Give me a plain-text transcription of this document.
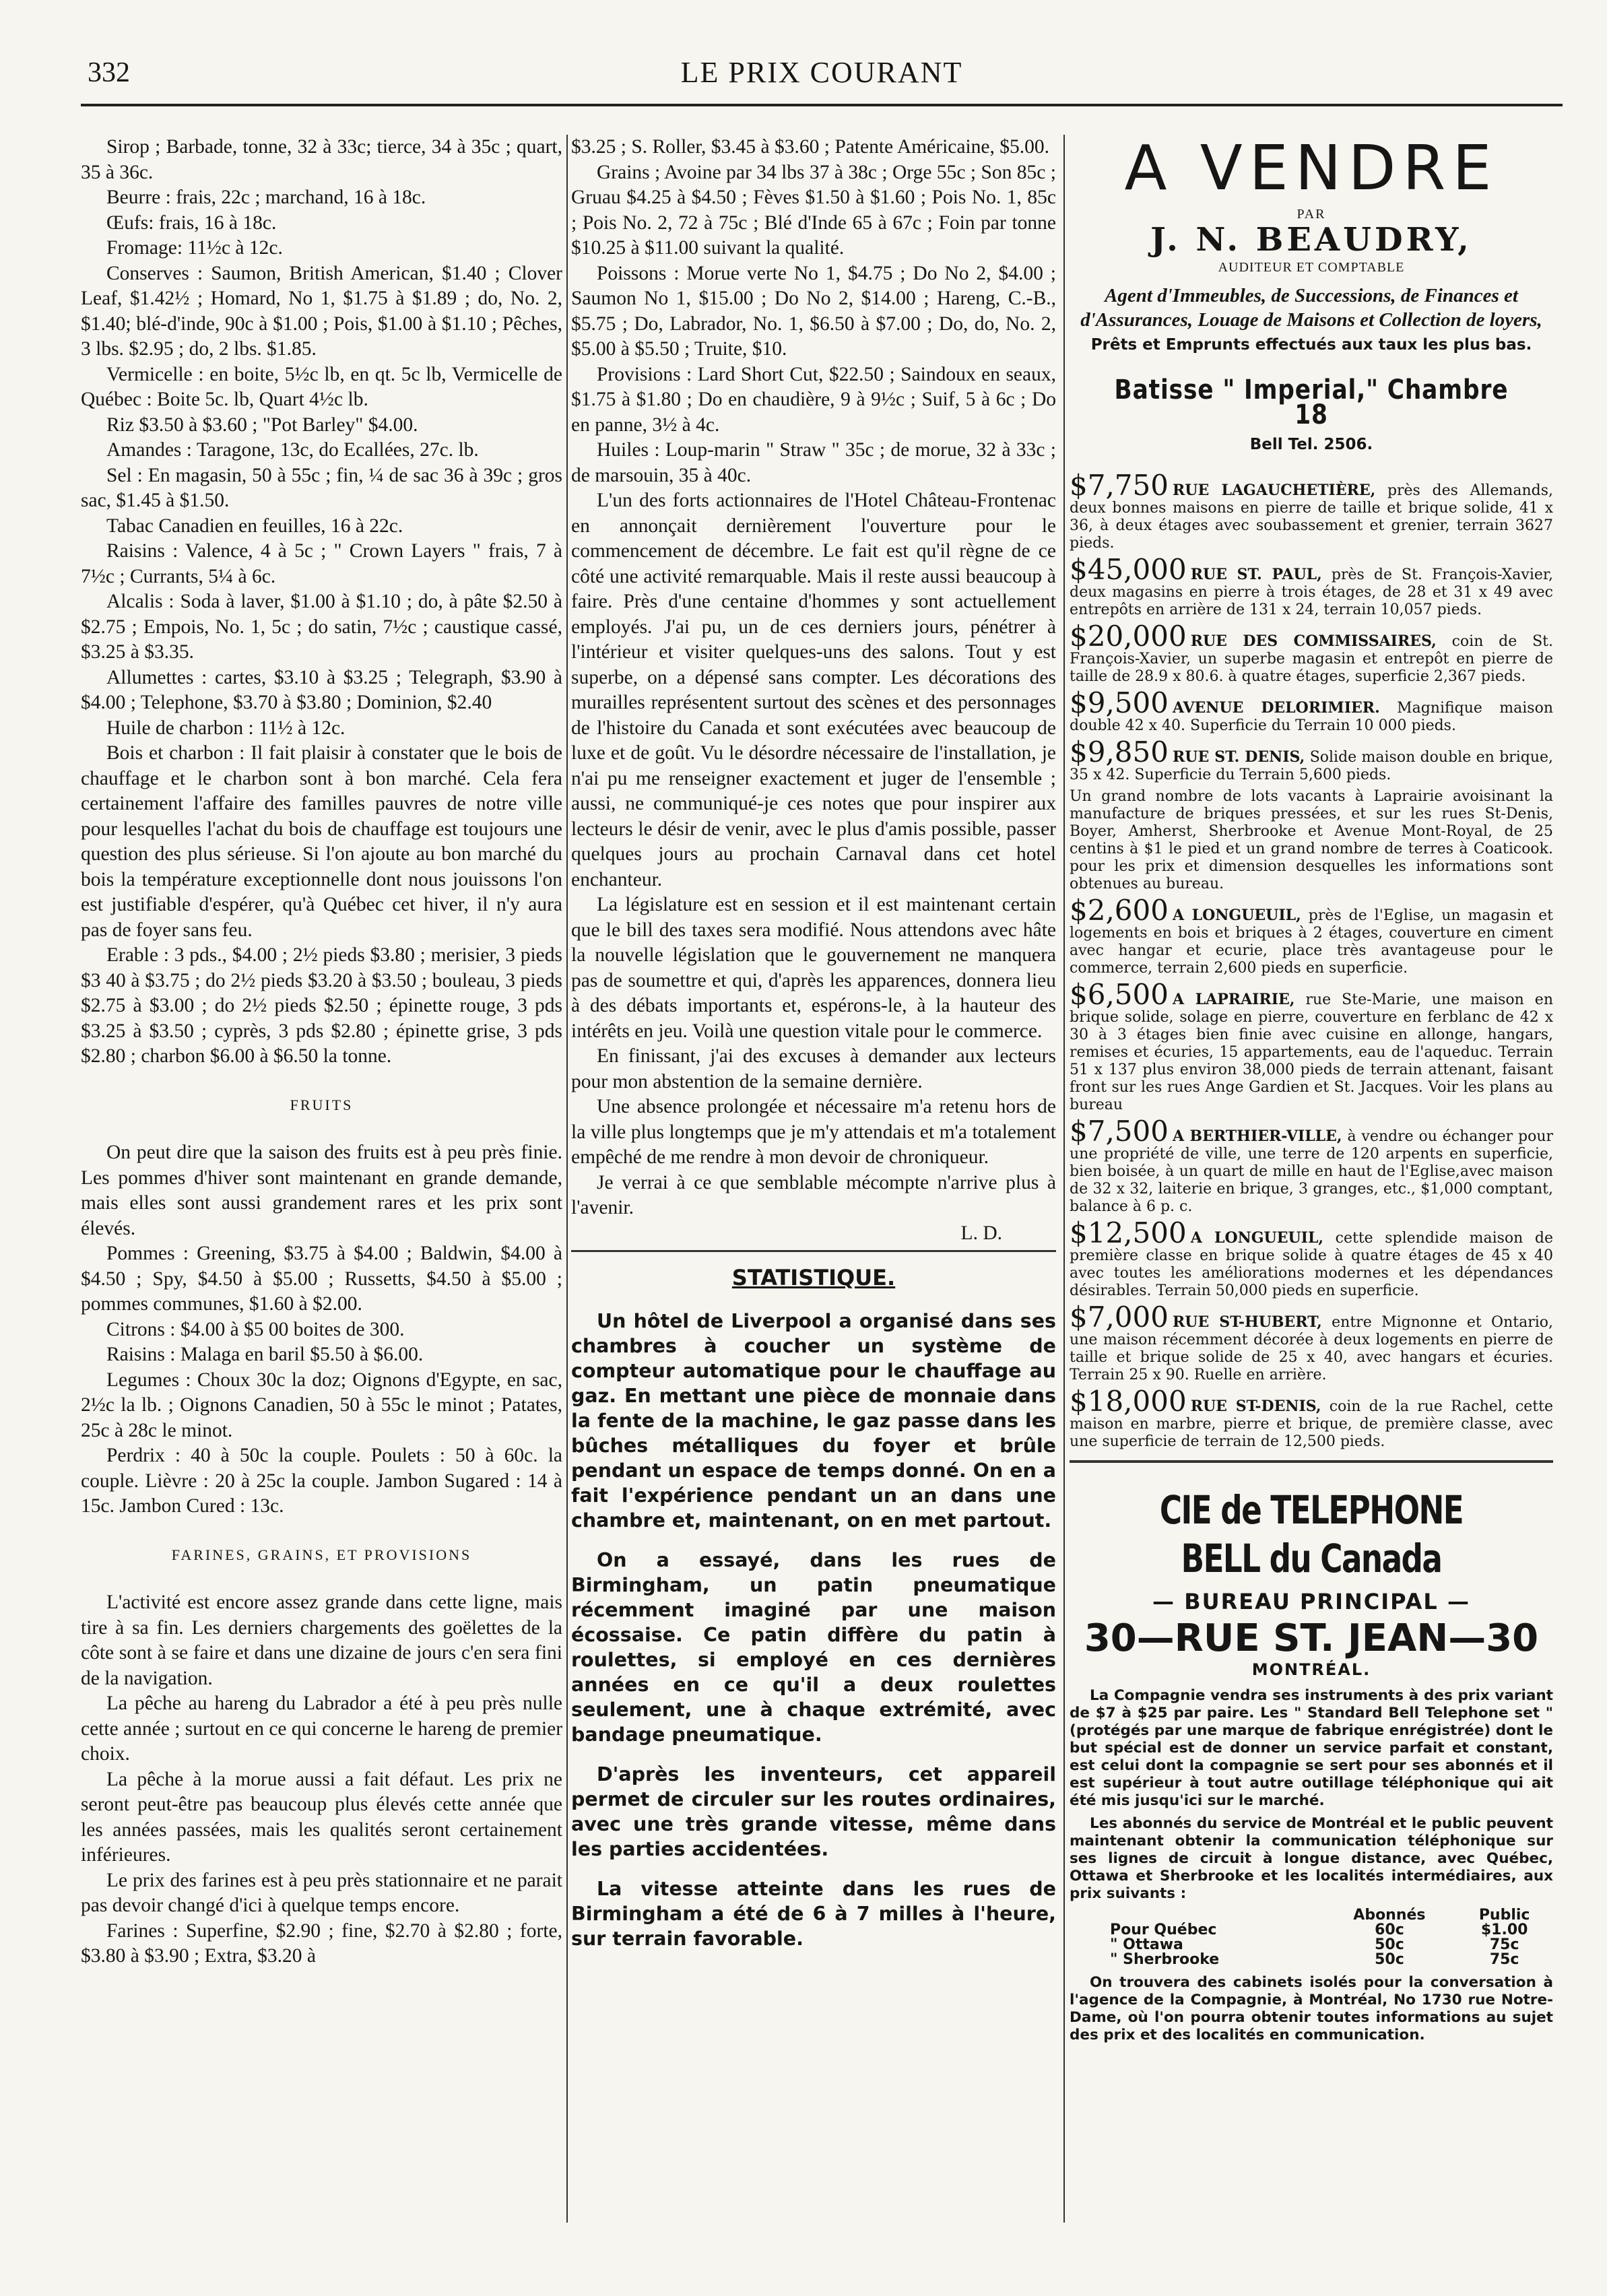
332	LE PRIX COURANT

Sirop ; Barbade, tonne, 32 à 33c; tierce, 34 à 35c ; quart, 35 à 36c.

Beurre : frais, 22c ; marchand, 16 à 18c.

Œufs: frais, 16 à 18c.

Fromage: 11½c à 12c.

Conserves : Saumon, British American, $1.40 ; Clover Leaf, $1.42½ ; Homard, No 1, $1.75 à $1.89 ; do, No. 2, $1.40; blé-d'inde, 90c à $1.00 ; Pois, $1.00 à $1.10 ; Pêches, 3 lbs. $2.95 ; do, 2 lbs. $1.85.

Vermicelle : en boite, 5½c lb, en qt. 5c lb, Vermicelle de Québec : Boite 5c. lb, Quart 4½c lb.

Riz $3.50 à $3.60 ; "Pot Barley" $4.00.

Amandes : Taragone, 13c, do Ecallées, 27c. lb.

Sel : En magasin, 50 à 55c ; fin, ¼ de sac 36 à 39c ; gros sac, $1.45 à $1.50.

Tabac Canadien en feuilles, 16 à 22c.

Raisins : Valence, 4 à 5c ; " Crown Layers " frais, 7 à 7½c ; Currants, 5¼ à 6c.

Alcalis : Soda à laver, $1.00 à $1.10 ; do, à pâte $2.50 à $2.75 ; Empois, No. 1, 5c ; do satin, 7½c ; caustique cassé, $3.25 à $3.35.

Allumettes : cartes, $3.10 à $3.25 ; Telegraph, $3.90 à $4.00 ; Telephone, $3.70 à $3.80 ; Dominion, $2.40

Huile de charbon : 11½ à 12c.

Bois et charbon : Il fait plaisir à constater que le bois de chauffage et le charbon sont à bon marché. Cela fera certainement l'affaire des familles pauvres de notre ville pour lesquelles l'achat du bois de chauffage est toujours une question des plus sérieuse. Si l'on ajoute au bon marché du bois la température exceptionnelle dont nous jouissons l'on est justifiable d'espérer, qu'à Québec cet hiver, il n'y aura pas de foyer sans feu.

Erable : 3 pds., $4.00 ; 2½ pieds $3.80 ; merisier, 3 pieds $3 40 à $3.75 ; do 2½ pieds $3.20 à $3.50 ; bouleau, 3 pieds $2.75 à $3.00 ; do 2½ pieds $2.50 ; épinette rouge, 3 pds $3.25 à $3.50 ; cyprès, 3 pds $2.80 ; épinette grise, 3 pds $2.80 ; charbon $6.00 à $6.50 la tonne.

FRUITS

On peut dire que la saison des fruits est à peu près finie. Les pommes d'hiver sont maintenant en grande demande, mais elles sont aussi grandement rares et les prix sont élevés.

Pommes : Greening, $3.75 à $4.00 ; Baldwin, $4.00 à $4.50 ; Spy, $4.50 à $5.00 ; Russetts, $4.50 à $5.00 ; pommes communes, $1.60 à $2.00.

Citrons : $4.00 à $5 00 boites de 300.

Raisins : Malaga en baril $5.50 à $6.00.

Legumes : Choux 30c la doz; Oignons d'Egypte, en sac, 2½c la lb. ; Oignons Canadien, 50 à 55c le minot ; Patates, 25c à 28c le minot.

Perdrix : 40 à 50c la couple. Poulets : 50 à 60c. la couple. Lièvre : 20 à 25c la couple. Jambon Sugared : 14 à 15c. Jambon Cured : 13c.

FARINES, GRAINS, ET PROVISIONS

L'activité est encore assez grande dans cette ligne, mais tire à sa fin. Les derniers chargements des goëlettes de la côte sont à se faire et dans une dizaine de jours c'en sera fini de la navigation.

La pêche au hareng du Labrador a été à peu près nulle cette année ; surtout en ce qui concerne le hareng de premier choix.

La pêche à la morue aussi a fait défaut. Les prix ne seront peut-être pas beaucoup plus élevés cette année que les années passées, mais les qualités seront certainement inférieures.

Le prix des farines est à peu près stationnaire et ne parait pas devoir changé d'ici à quelque temps encore.

Farines : Superfine, $2.90 ; fine, $2.70 à $2.80 ; forte, $3.80 à $3.90 ; Extra, $3.20 à

$3.25 ; S. Roller, $3.45 à $3.60 ; Patente Américaine, $5.00.

Grains ; Avoine par 34 lbs 37 à 38c ; Orge 55c ; Son 85c ; Gruau $4.25 à $4.50 ; Fèves $1.50 à $1.60 ; Pois No. 1, 85c ; Pois No. 2, 72 à 75c ; Blé d'Inde 65 à 67c ; Foin par tonne $10.25 à $11.00 suivant la qualité.

Poissons : Morue verte No 1, $4.75 ; Do No 2, $4.00 ; Saumon No 1, $15.00 ; Do No 2, $14.00 ; Hareng, C.-B., $5.75 ; Do, Labrador, No. 1, $6.50 à $7.00 ; Do, do, No. 2, $5.00 à $5.50 ; Truite, $10.

Provisions : Lard Short Cut, $22.50 ; Saindoux en seaux, $1.75 à $1.80 ; Do en chaudière, 9 à 9½c ; Suif, 5 à 6c ; Do en panne, 3½ à 4c.

Huiles : Loup-marin " Straw " 35c ; de morue, 32 à 33c ; de marsouin, 35 à 40c.

L'un des forts actionnaires de l'Hotel Château-Frontenac en annonçait dernièrement l'ouverture pour le commencement de décembre. Le fait est qu'il règne de ce côté une activité remarquable. Mais il reste aussi beaucoup à faire. Près d'une centaine d'hommes y sont actuellement employés. J'ai pu, un de ces derniers jours, pénétrer à l'intérieur et visiter quelques-uns des salons. Tout y est superbe, on a dépensé sans compter. Les décorations des murailles représentent surtout des scènes et des personnages de l'histoire du Canada et sont exécutées avec beaucoup de luxe et de goût. Vu le désordre nécessaire de l'installation, je n'ai pu me renseigner exactement et juger de l'ensemble ; aussi, ne communiqué-je ces notes que pour inspirer aux lecteurs le désir de venir, avec le plus d'amis possible, passer quelques jours au prochain Carnaval dans cet hotel enchanteur.

La législature est en session et il est maintenant certain que le bill des taxes sera modifié. Nous attendons avec hâte la nouvelle législation que le gouvernement ne manquera pas de soumettre et qui, d'après les apparences, donnera lieu à des débats importants et, espérons-le, à la hauteur des intérêts en jeu. Voilà une question vitale pour le commerce.

En finissant, j'ai des excuses à demander aux lecteurs pour mon abstention de la semaine dernière.

Une absence prolongée et nécessaire m'a retenu hors de la ville plus longtemps que je m'y attendais et m'a totalement empêché de me rendre à mon devoir de chroniqueur.

Je verrai à ce que semblable mécompte n'arrive plus à l'avenir.

L. D.

STATISTIQUE.

Un hôtel de Liverpool a organisé dans ses chambres à coucher un système de compteur automatique pour le chauffage au gaz. En mettant une pièce de monnaie dans la fente de la machine, le gaz passe dans les bûches métalliques du foyer et brûle pendant un espace de temps donné. On en a fait l'expérience pendant un an dans une chambre et, maintenant, on en met partout.

On a essayé, dans les rues de Birmingham, un patin pneumatique récemment imaginé par une maison écossaise. Ce patin diffère du patin à roulettes, si employé en ces dernières années en ce qu'il a deux roulettes seulement, une à chaque extrémité, avec bandage pneumatique.

D'après les inventeurs, cet appareil permet de circuler sur les routes ordinaires, avec une très grande vitesse, même dans les parties accidentées.

La vitesse atteinte dans les rues de Birmingham a été de 6 à 7 milles à l'heure, sur terrain favorable.

A VENDRE

PAR

J. N. BEAUDRY,

AUDITEUR ET COMPTABLE

Agent d'Immeubles, de Successions, de Finances et d'Assurances, Louage de Maisons et Collection de loyers,

Prêts et Emprunts effectués aux taux les plus bas.

Batisse " Imperial," Chambre 18

Bell Tel. 2506.

$7,750 RUE LAGAUCHETIÈRE, près des Allemands, deux bonnes maisons en pierre de taille et brique solide, 41 x 36, à deux étages avec soubassement et grenier, terrain 3627 pieds.

$45,000 RUE ST. PAUL, près de St. François-Xavier, deux magasins en pierre à trois étages, de 28 et 31 x 49 avec entrepôts en arrière de 131 x 24, terrain 10,057 pieds.

$20,000 RUE DES COMMISSAIRES, coin de St. François-Xavier, un superbe magasin et entrepôt en pierre de taille de 28.9 x 80.6. à quatre étages, superficie 2,367 pieds.

$9,500 AVENUE DELORIMIER. Magnifique maison double 42 x 40. Superficie du Terrain 10 000 pieds.

$9,850 RUE ST. DENIS, Solide maison double en brique, 35 x 42. Superficie du Terrain 5,600 pieds.

Un grand nombre de lots vacants à Laprairie avoisinant la manufacture de briques pressées, et sur les rues St-Denis, Boyer, Amherst, Sherbrooke et Avenue Mont-Royal, de 25 centins à $1 le pied et un grand nombre de terres à Coaticook. pour les prix et dimension desquelles les informations sont obtenues au bureau.

$2,600 A LONGUEUIL, près de l'Eglise, un magasin et logements en bois et briques à 2 étages, couverture en ciment avec hangar et ecurie, place très avantageuse pour le commerce, terrain 2,600 pieds en superficie.

$6,500 A LAPRAIRIE, rue Ste-Marie, une maison en brique solide, solage en pierre, couverture en ferblanc de 42 x 30 à 3 étages bien finie avec cuisine en allonge, hangars, remises et écuries, 15 appartements, eau de l'aqueduc. Terrain 51 x 137 plus environ 38,000 pieds de terrain attenant, faisant front sur les rues Ange Gardien et St. Jacques. Voir les plans au bureau

$7,500 A BERTHIER-VILLE, à vendre ou échanger pour une propriété de ville, une terre de 120 arpents en superficie, bien boisée, à un quart de mille en haut de l'Eglise,avec maison de 32 x 32, laiterie en brique, 3 granges, etc., $1,000 comptant, balance à 6 p. c.

$12,500 A LONGUEUIL, cette splendide maison de première classe en brique solide à quatre étages de 45 x 40 avec toutes les améliorations modernes et les dépendances désirables. Terrain 50,000 pieds en superficie.

$7,000 RUE ST-HUBERT, entre Mignonne et Ontario, une maison récemment décorée à deux logements en pierre de taille et brique solide de 25 x 40, avec hangars et écuries. Terrain 25 x 90. Ruelle en arrière.

$18,000 RUE ST-DENIS, coin de la rue Rachel, cette maison en marbre, pierre et brique, de première classe, avec une superficie de terrain de 12,500 pieds.

CIE de TELEPHONE BELL du Canada

— BUREAU PRINCIPAL —

30—RUE ST. JEAN—30

MONTRÉAL.

La Compagnie vendra ses instruments à des prix variant de $7 à $25 par paire. Les " Standard Bell Telephone set " (protégés par une marque de fabrique enrégistrée) dont le but spécial est de donner un service parfait et constant, est celui dont la compagnie se sert pour ses abonnés et il est supérieur à tout autre outillage téléphonique qui ait été mis jusqu'ici sur le marché.

Les abonnés du service de Montréal et le public peuvent maintenant obtenir la communication téléphonique sur ses lignes de circuit à longue distance, avec Québec, Ottawa et Sherbrooke et les localités intermédiaires, aux prix suivants :

	Abonnés	Public
Pour Québec	60c	$1.00
" Ottawa	50c	75c
" Sherbrooke	50c	75c

On trouvera des cabinets isolés pour la conversation à l'agence de la Compagnie, à Montréal, No 1730 rue Notre-Dame, où l'on pourra obtenir toutes informations au sujet des prix et des localités en communication.
